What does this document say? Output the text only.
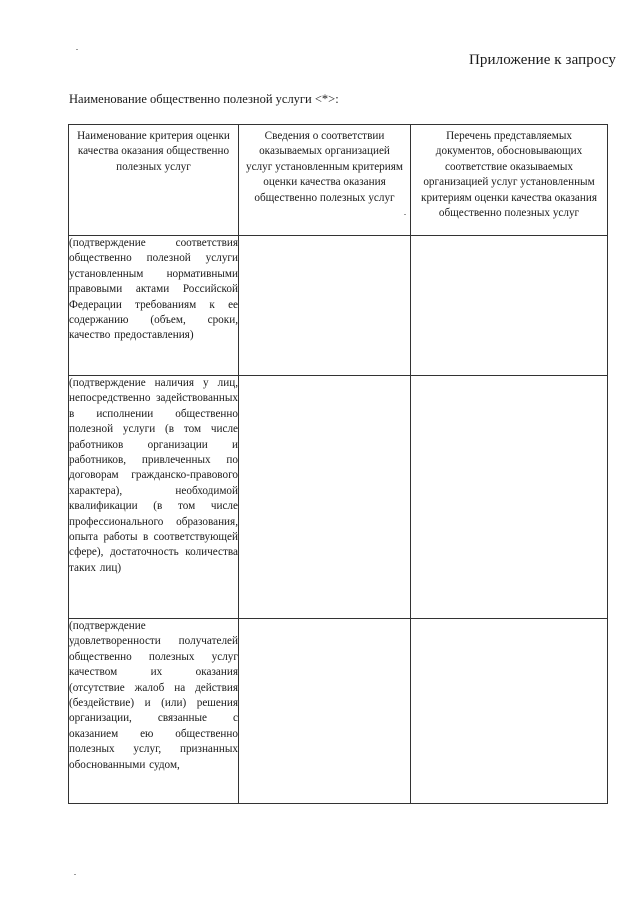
Приложение к запросу
Наименование общественно полезной услуги <*>:
Наименование критерия оценки качества оказания общественно полезных услуг	Сведения о соответствии оказываемых организацией услуг установленным критериям оценки качества оказания общественно полезных услуг	Перечень представляемых документов, обосновывающих соответствие оказываемых организацией услуг установленным критериям оценки качества оказания общественно полезных услуг

(подтверждение соответствия общественно полезной услуги установленным нормативными правовыми актами Российской Федерации требованиям к ее содержанию (объем, сроки, качество предоставления)		
(подтверждение наличия у лиц, непосредственно задействованных в исполнении общественно полезной услуги (в том числе работников организации и работников, привлеченных по договорам гражданско-правового характера), необходимой квалификации (в том числе профессионального образования, опыта работы в соответствующей сфере), достаточность количества таких лиц)		
(подтверждение удовлетворенности получателей общественно полезных услуг качеством их оказания (отсутствие жалоб на действия (бездействие) и (или) решения организации, связанные с оказанием ею общественно полезных услуг, признанных обоснованными судом,		
